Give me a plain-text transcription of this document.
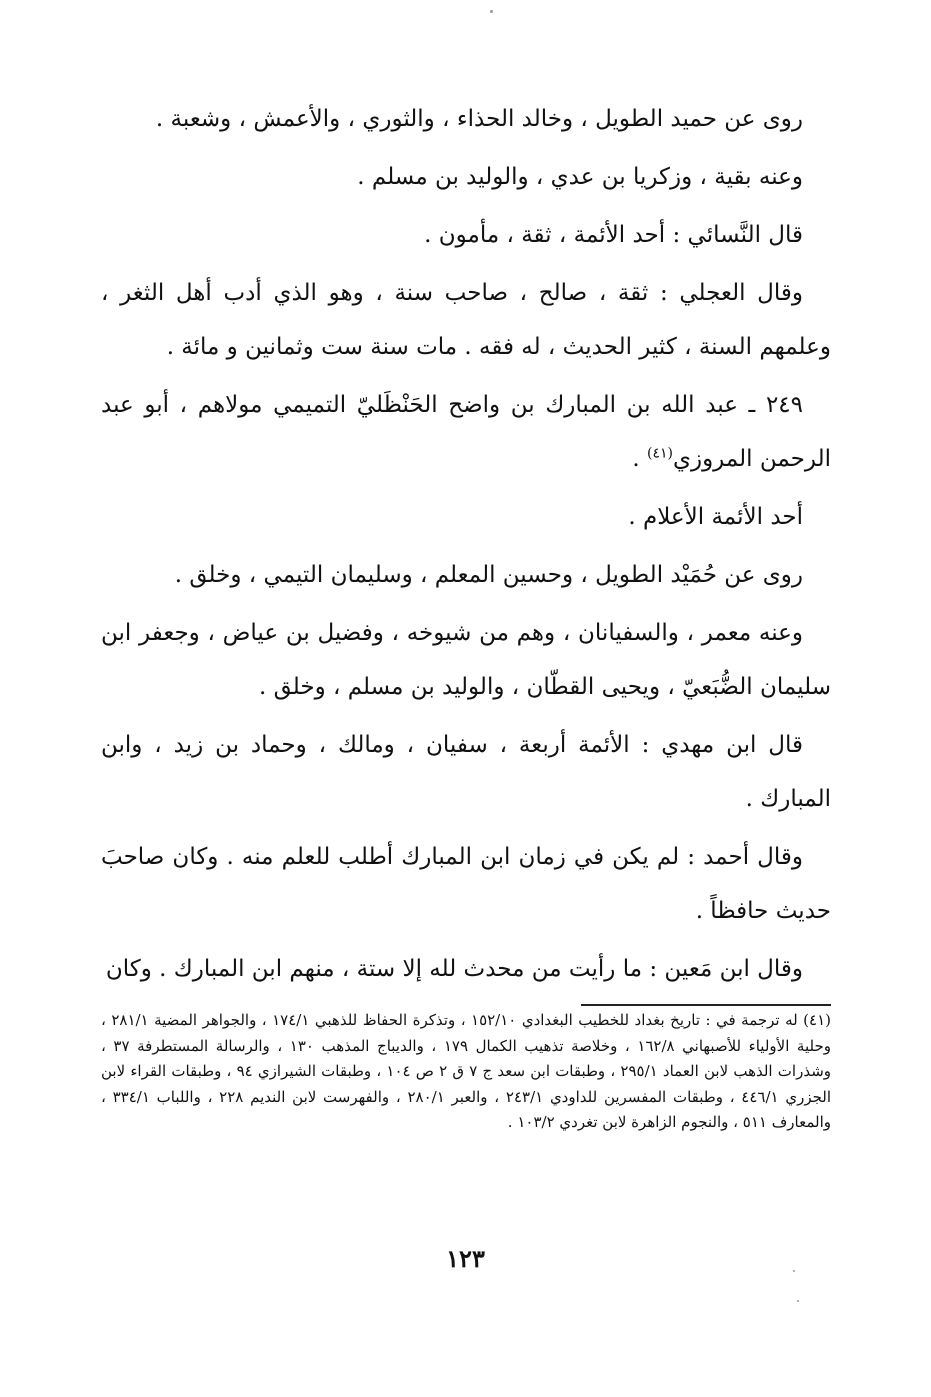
روى عن حميد الطويل ، وخالد الحذاء ، والثوري ، والأعمش ، وشعبة .

وعنه بقية ، وزكريا بن عدي ، والوليد بن مسلم .

قال النَّسائي : أحد الأئمة ، ثقة ، مأمون .

وقال العجلي : ثقة ، صالح ، صاحب سنة ، وهو الذي أدب أهل الثغر ، وعلمهم السنة ، كثير الحديث ، له فقه . مات سنة ست وثمانين و مائة .

٢٤٩ ـ عبد الله بن المبارك بن واضح الحَنْظَليّ التميمي مولاهم ، أبو عبد الرحمن المروزي$^{(٤١)}$ .

أحد الأئمة الأعلام .

روى عن حُمَيْد الطويل ، وحسين المعلم ، وسليمان التيمي ، وخلق .

وعنه معمر ، والسفيانان ، وهم من شيوخه ، وفضيل بن عياض ، وجعفر ابن سليمان الضُّبَعيّ ، ويحيى القطّان ، والوليد بن مسلم ، وخلق .

قال ابن مهدي : الأئمة أربعة ، سفيان ، ومالك ، وحماد بن زيد ، وابن المبارك .

وقال أحمد : لم يكن في زمان ابن المبارك أطلب للعلم منه . وكان صاحبَ حديث حافظاً .

وقال ابن مَعين : ما رأيت من محدث لله إلا ستة ، منهم ابن المبارك . وكان

(٤١) له ترجمة في : تاريخ بغداد للخطيب البغدادي ١٥٢/١٠ ، وتذكرة الحفاظ للذهبي ١٧٤/١ ، والجواهر المضية ٢٨١/١ ، وحلية الأولياء للأصبهاني ١٦٢/٨ ، وخلاصة تذهيب الكمال ١٧٩ ، والديباج المذهب ١٣٠ ، والرسالة المستطرفة ٣٧ ، وشذرات الذهب لابن العماد ٢٩٥/١ ، وطبقات ابن سعد ج ٧ ق ٢ ص ١٠٤ ، وطبقات الشيرازي ٩٤ ، وطبقات القراء لابن الجزري ٤٤٦/١ ، وطبقات المفسرين للداودي ٢٤٣/١ ، والعبر ٢٨٠/١ ، والفهرست لابن النديم ٢٢٨ ، واللباب ٣٣٤/١ ، والمعارف ٥١١ ، والنجوم الزاهرة لابن تغردي ١٠٣/٢ .

١٢٣
